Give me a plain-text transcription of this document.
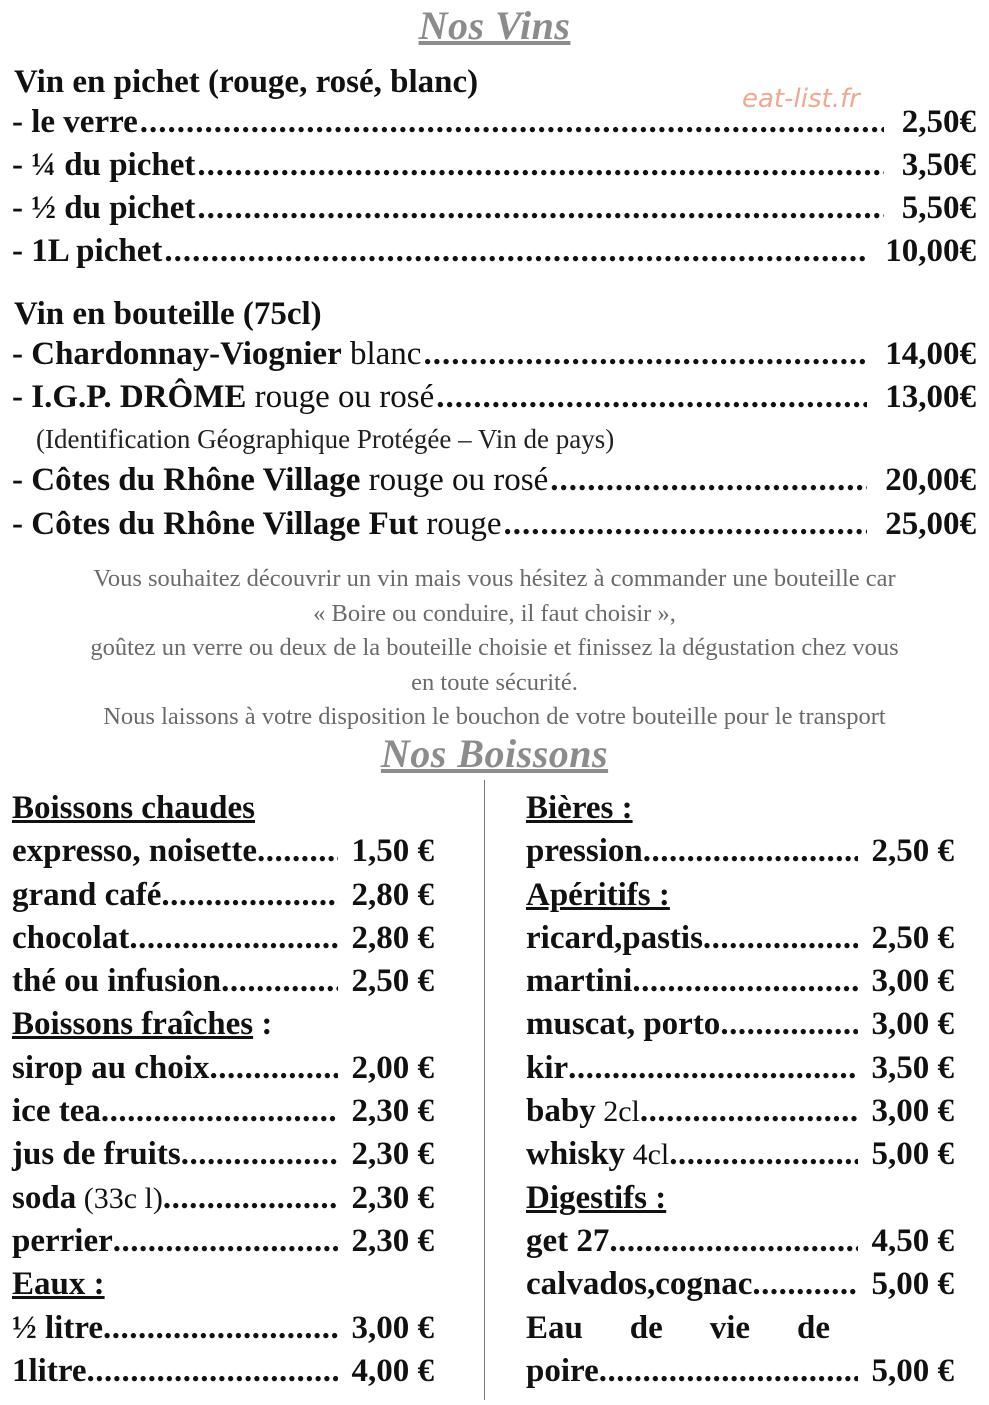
Nos Vins
eat-list.fr
Vin en pichet (rouge, rosé, blanc)
- le verre .....	2,50€
- ¼ du pichet .....	3,50€
- ½ du pichet .....	5,50€
- 1L pichet .....	10,00€
Vin en bouteille (75cl)
- Chardonnay-Viognier blanc .....	14,00€
- I.G.P. DRÔME rouge ou rosé .....	13,00€
(Identification Géographique Protégée – Vin de pays)
- Côtes du Rhône Village rouge ou rosé .....	20,00€
- Côtes du Rhône Village Fut rouge .....	25,00€
Vous souhaitez découvrir un vin mais vous hésitez à commander une bouteille car
« Boire ou conduire, il faut choisir »,
goûtez un verre ou deux de la bouteille choisie et finissez la dégustation chez vous
en toute sécurité.
Nous laissons à votre disposition le bouchon de votre bouteille pour le transport
Nos Boissons
Boissons chaudes
expresso, noisette .....	1,50 €
grand café .....	2,80 €
chocolat .....	2,80 €
thé ou infusion .....	2,50 €
Boissons fraîches :
sirop au choix .....	2,00 €
ice tea .....	2,30 €
jus de fruits .....	2,30 €
soda (33c l) .....	2,30 €
perrier .....	2,30 €
Eaux :
½ litre .....	3,00 €
1litre .....	4,00 €
Bières :
pression .....	2,50 €
Apéritifs :
ricard,pastis .....	2,50 €
martini .....	3,00 €
muscat, porto .....	3,00 €
kir .....	3,50 €
baby 2cl .....	3,00 €
whisky 4cl .....	5,00 €
Digestifs :
get 27 .....	4,50 €
calvados,cognac .....	5,00 €
Eau de vie de
poire .....	5,00 €
